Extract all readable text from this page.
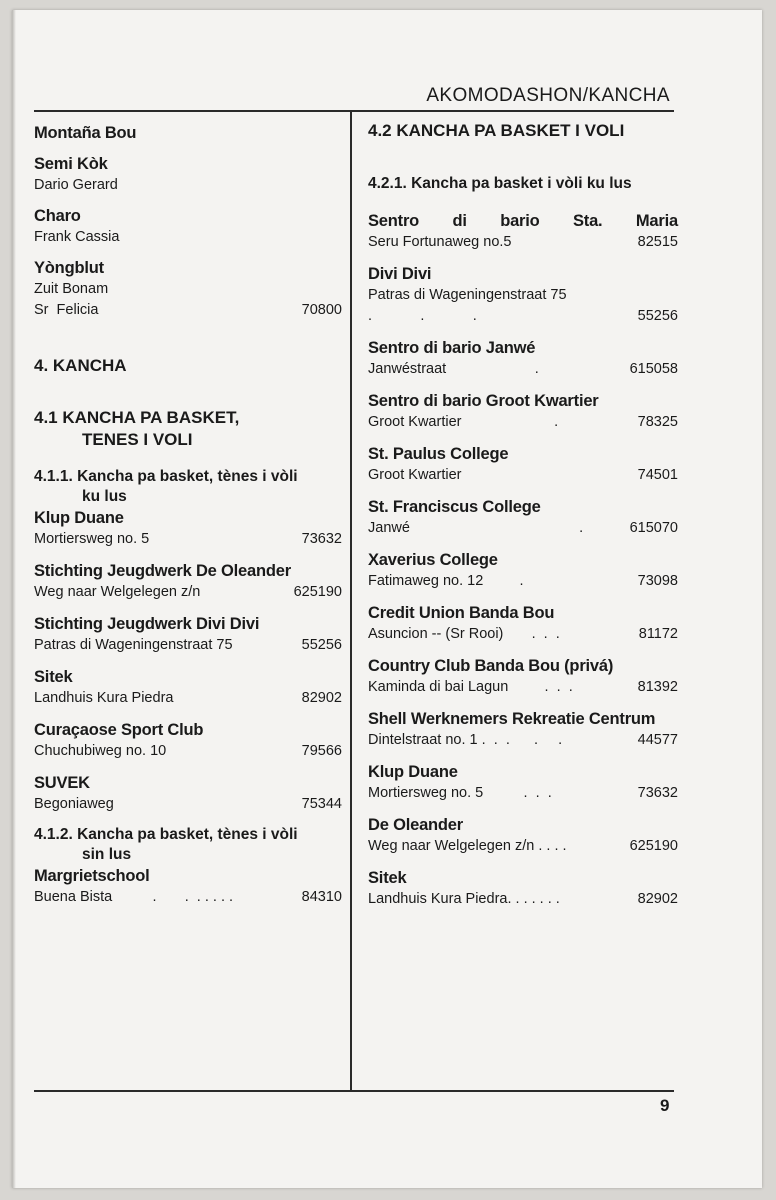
AKOMODASHON/KANCHA
Montaña Bou
Semi Kòk
Dario Gerard
Charo
Frank Cassia
Yòngblut
Zuit Bonam
Sr  Felicia	70800
4. KANCHA
4.1 KANCHA PA BASKET,
TENES I VOLI
4.1.1. Kancha pa basket, tènes i vòli
ku lus
Klup Duane
Mortiersweg no. 5	73632
Stichting Jeugdwerk De Oleander
Weg naar Welgelegen z/n	625190
Stichting Jeugdwerk Divi Divi
Patras di Wageningenstraat 75	55256
Sitek
Landhuis Kura Piedra	82902
Curaçaose Sport Club
Chuchubiweg no. 10	79566
SUVEK
Begoniaweg	75344
4.1.2. Kancha pa basket, tènes i vòli
sin lus
Margrietschool
Buena Bista          .       .  . . . . .	84310
4.2 KANCHA PA BASKET I VOLI
4.2.1. Kancha pa basket i vòli ku lus
Sentro di bario Sta. Maria
Seru Fortunaweg no.5	82515
Divi Divi
Patras di Wageningenstraat 75
.            .            .	55256
Sentro di bario Janwé
Janwéstraat                      .	615058
Sentro di bario Groot Kwartier
Groot Kwartier                       .	78325
St. Paulus College
Groot Kwartier	74501
St. Franciscus College
Janwé                                          .	615070
Xaverius College
Fatimaweg no. 12         .	73098
Credit Union Banda Bou
Asuncion -- (Sr Rooi)       .  .  .	81172
Country Club Banda Bou (privá)
Kaminda di bai Lagun         .  .  .	81392
Shell Werknemers Rekreatie Centrum
Dintelstraat no. 1 .  .  .      .     .	44577
Klup Duane
Mortiersweg no. 5          .  .  .	73632
De Oleander
Weg naar Welgelegen z/n . . . .	625190
Sitek
Landhuis Kura Piedra. . . . . . .	82902
9
